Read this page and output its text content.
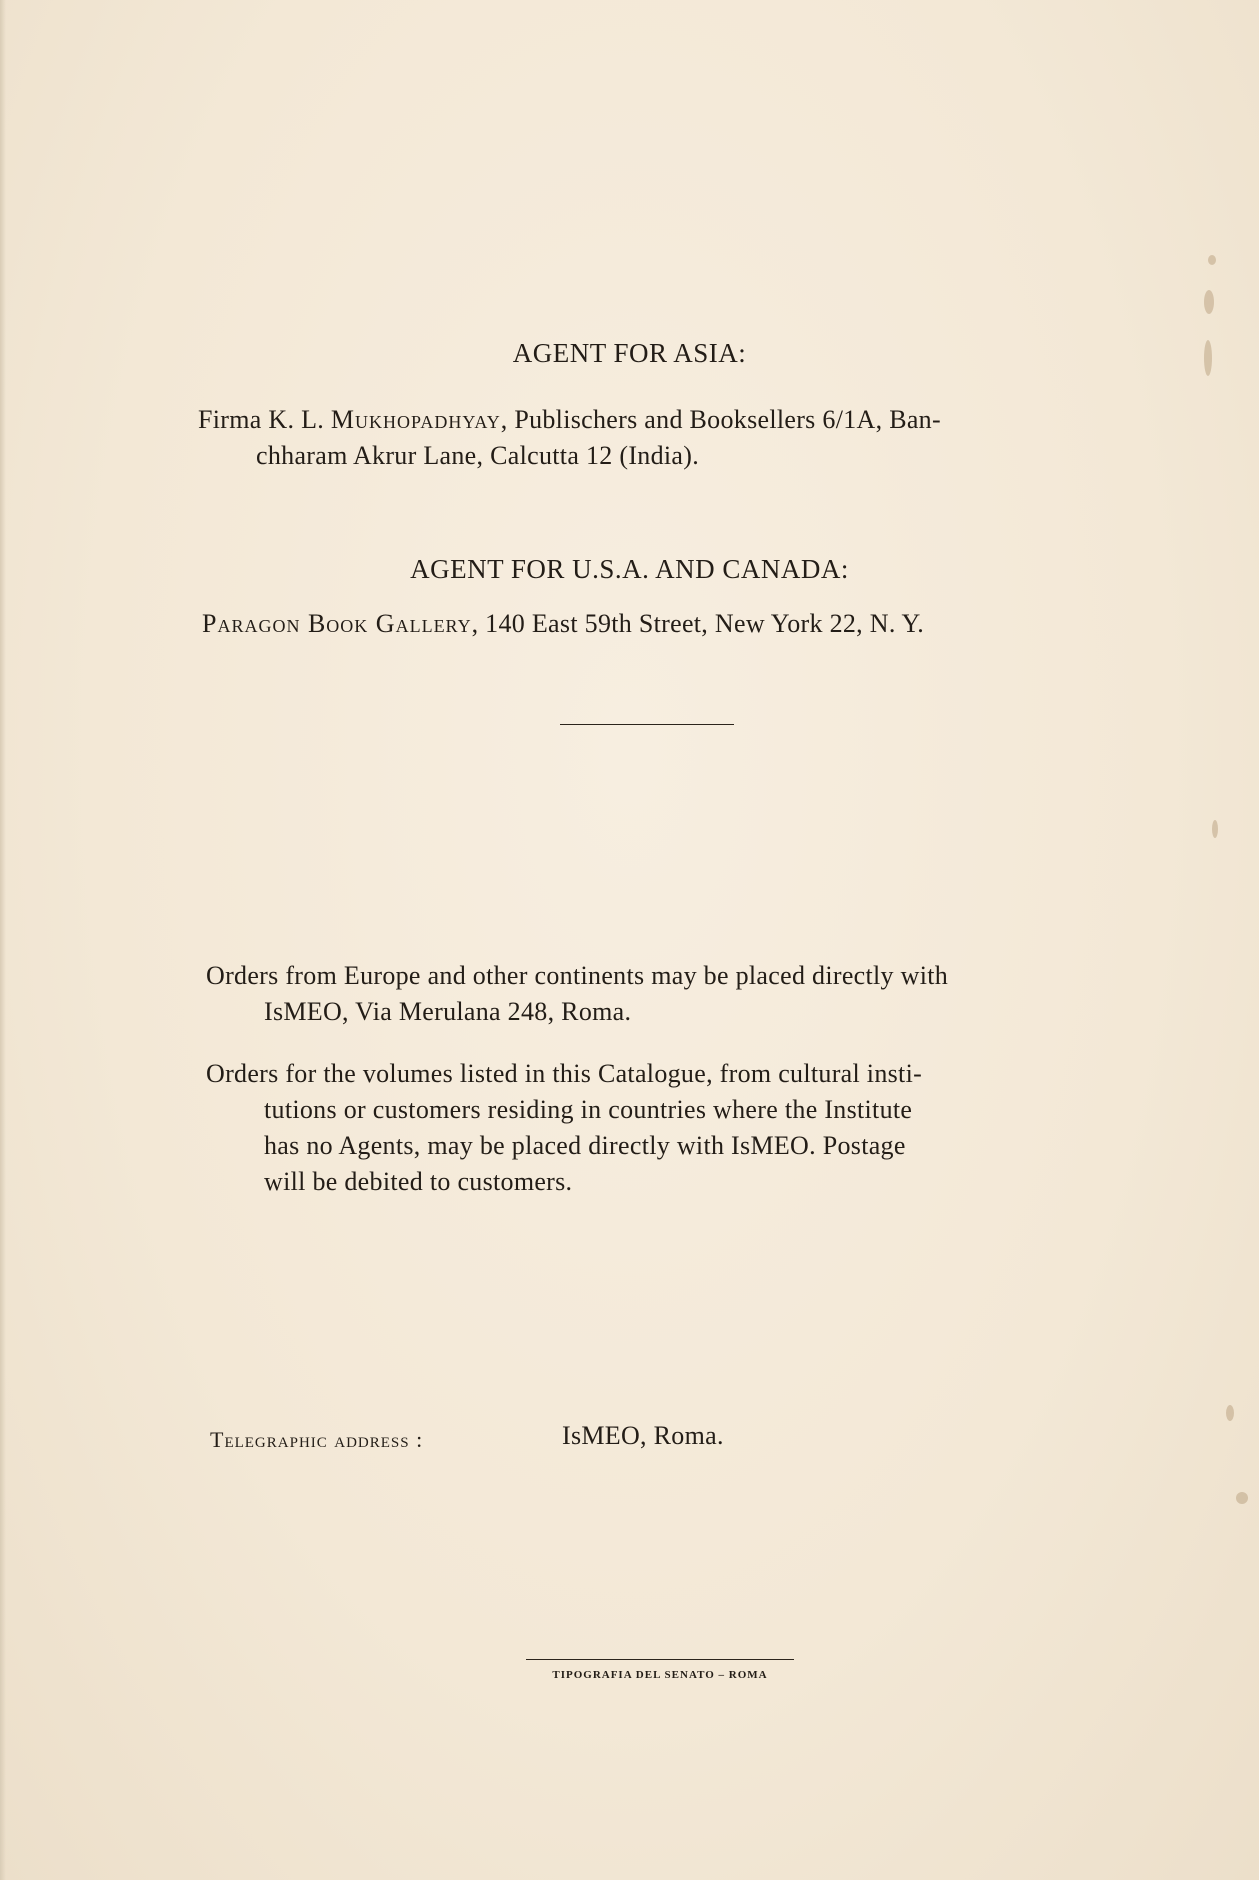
AGENT FOR ASIA:
Firma K. L. Mukhopadhyay, Publischers and Booksellers 6/1A, Ban-
chharam Akrur Lane, Calcutta 12 (India).
AGENT FOR U.S.A. AND CANADA:
Paragon Book Gallery, 140 East 59th Street, New York 22, N. Y.
Orders from Europe and other continents may be placed directly with
IsMEO, Via Merulana 248, Roma.
Orders for the volumes listed in this Catalogue, from cultural insti-
tutions or customers residing in countries where the Institute
has no Agents, may be placed directly with IsMEO. Postage
will be debited to customers.
Telegraphic address :	IsMEO, Roma.
TIPOGRAFIA DEL SENATO – ROMA
